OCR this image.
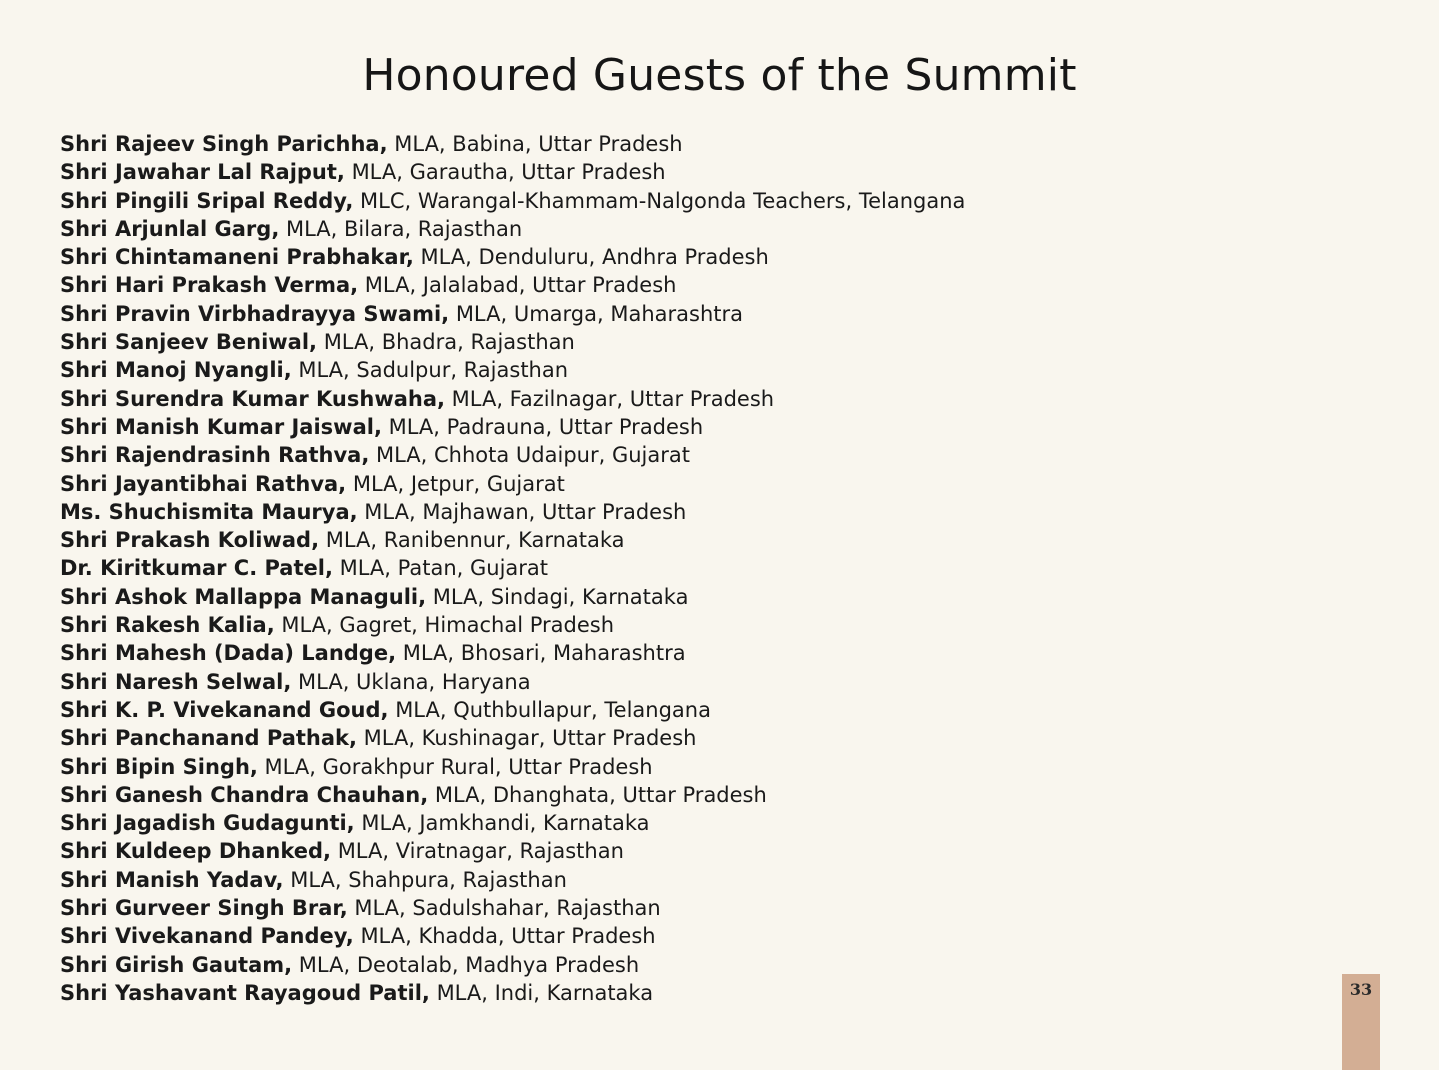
Honoured Guests of the Summit
Shri Rajeev Singh Parichha, MLA, Babina, Uttar Pradesh
Shri Jawahar Lal Rajput, MLA, Garautha, Uttar Pradesh
Shri Pingili Sripal Reddy, MLC, Warangal-Khammam-Nalgonda Teachers, Telangana
Shri Arjunlal Garg, MLA, Bilara, Rajasthan
Shri Chintamaneni Prabhakar, MLA, Denduluru, Andhra Pradesh
Shri Hari Prakash Verma, MLA, Jalalabad, Uttar Pradesh
Shri Pravin Virbhadrayya Swami, MLA, Umarga, Maharashtra
Shri Sanjeev Beniwal, MLA, Bhadra, Rajasthan
Shri Manoj Nyangli, MLA, Sadulpur, Rajasthan
Shri Surendra Kumar Kushwaha, MLA, Fazilnagar, Uttar Pradesh
Shri Manish Kumar Jaiswal, MLA, Padrauna, Uttar Pradesh
Shri Rajendrasinh Rathva, MLA, Chhota Udaipur, Gujarat
Shri Jayantibhai Rathva, MLA, Jetpur, Gujarat
Ms. Shuchismita Maurya, MLA, Majhawan, Uttar Pradesh
Shri Prakash Koliwad, MLA, Ranibennur, Karnataka
Dr. Kiritkumar C. Patel, MLA, Patan, Gujarat
Shri Ashok Mallappa Managuli, MLA, Sindagi, Karnataka
Shri Rakesh Kalia, MLA, Gagret, Himachal Pradesh
Shri Mahesh (Dada) Landge, MLA, Bhosari, Maharashtra
Shri Naresh Selwal, MLA, Uklana, Haryana
Shri K. P. Vivekanand Goud, MLA, Quthbullapur, Telangana
Shri Panchanand Pathak, MLA, Kushinagar, Uttar Pradesh
Shri Bipin Singh, MLA, Gorakhpur Rural, Uttar Pradesh
Shri Ganesh Chandra Chauhan, MLA, Dhanghata, Uttar Pradesh
Shri Jagadish Gudagunti, MLA, Jamkhandi, Karnataka
Shri Kuldeep Dhanked, MLA, Viratnagar, Rajasthan
Shri Manish Yadav, MLA, Shahpura, Rajasthan
Shri Gurveer Singh Brar, MLA, Sadulshahar, Rajasthan
Shri Vivekanand Pandey, MLA, Khadda, Uttar Pradesh
Shri Girish Gautam, MLA, Deotalab, Madhya Pradesh
Shri Yashavant Rayagoud Patil, MLA, Indi, Karnataka	33
